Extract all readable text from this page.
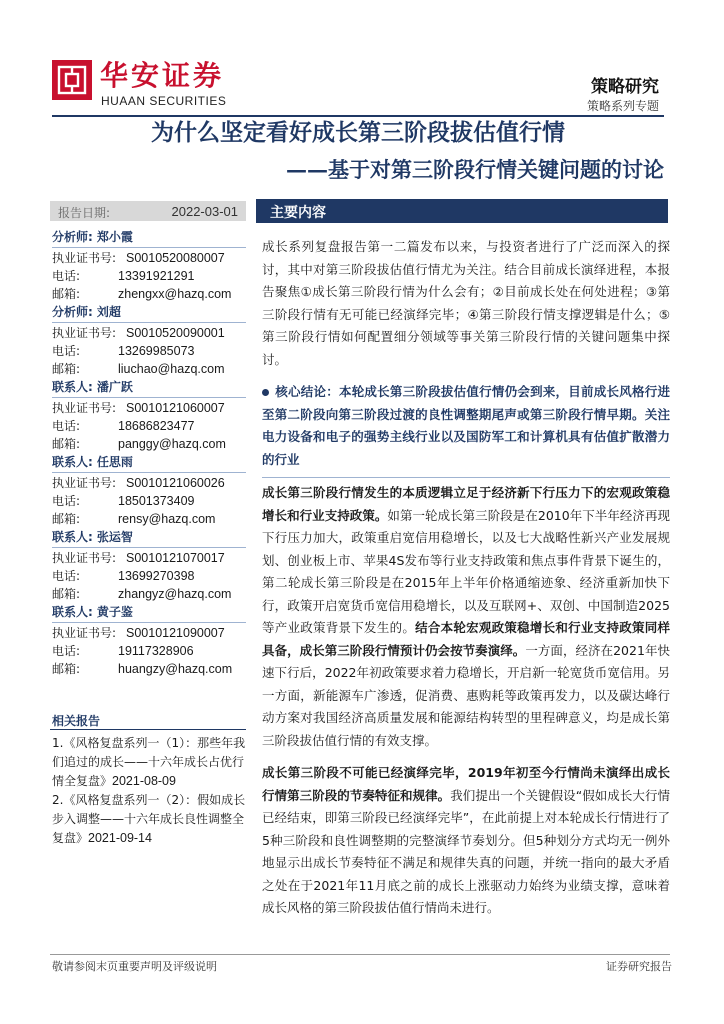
华安证券
HUAAN SECURITIES
策略研究
策略系列专题
为什么坚定看好成长第三阶段拔估值行情
——基于对第三阶段行情关键问题的讨论
报告日期:	2022-03-01
分析师: 郑小霞
执业证书号: S0010520080007
电话:	13391921291
邮箱:	zhengxx@hazq.com
分析师: 刘超
执业证书号: S0010520090001
电话:	13269985073
邮箱:	liuchao@hazq.com
联系人: 潘广跃
执业证书号: S0010121060007
电话:	18686823477
邮箱:	panggy@hazq.com
联系人: 任思雨
执业证书号: S0010121060026
电话:	18501373409
邮箱:	rensy@hazq.com
联系人: 张运智
执业证书号: S0010121070017
电话:	13699270398
邮箱:	zhangyz@hazq.com
联系人: 黄子鉴
执业证书号: S0010121090007
电话:	19117328906
邮箱:	huangzy@hazq.com
相关报告
1.《风格复盘系列一（1）：那些年我们追过的成长——十六年成长占优行情全复盘》2021-08-09
2.《风格复盘系列一（2）：假如成长步入调整——十六年成长良性调整全复盘》2021-09-14
主要内容

成长系列复盘报告第一二篇发布以来，与投资者进行了广泛而深入的探讨，其中对第三阶段拔估值行情尤为关注。结合目前成长演绎进程，本报告聚焦①成长第三阶段行情为什么会有；②目前成长处在何处进程；③第三阶段行情有无可能已经演绎完毕；④第三阶段行情支撑逻辑是什么；⑤第三阶段行情如何配置细分领域等事关第三阶段行情的关键问题集中探讨。

核心结论：本轮成长第三阶段拔估值行情仍会到来，目前成长风格行进至第二阶段向第三阶段过渡的良性调整期尾声或第三阶段行情早期。关注电力设备和电子的强势主线行业以及国防军工和计算机具有估值扩散潜力的行业

成长第三阶段行情发生的本质逻辑立足于经济新下行压力下的宏观政策稳增长和行业支持政策。如第一轮成长第三阶段是在2010年下半年经济再现下行压力加大，政策重启宽信用稳增长，以及七大战略性新兴产业发展规划、创业板上市、苹果4S发布等行业支持政策和焦点事件背景下诞生的，第二轮成长第三阶段是在2015年上半年价格通缩迹象、经济重新加快下行，政策开启宽货币宽信用稳增长，以及互联网+、双创、中国制造2025等产业政策背景下发生的。结合本轮宏观政策稳增长和行业支持政策同样具备，成长第三阶段行情预计仍会按节奏演绎。一方面，经济在2021年快速下行后，2022年初政策要求着力稳增长，开启新一轮宽货币宽信用。另一方面，新能源车广渗透，促消费、惠购耗等政策再发力，以及碳达峰行动方案对我国经济高质量发展和能源结构转型的里程碑意义，均是成长第三阶段拔估值行情的有效支撑。

成长第三阶段不可能已经演绎完毕，2019年初至今行情尚未演绎出成长行情第三阶段的节奏特征和规律。我们提出一个关键假设“假如成长大行情已经结束，即第三阶段已经演绎完毕”，在此前提上对本轮成长行情进行了5种三阶段和良性调整期的完整演绎节奏划分。但5种划分方式均无一例外地显示出成长节奏特征不满足和规律失真的问题，并统一指向的最大矛盾之处在于2021年11月底之前的成长上涨驱动力始终为业绩支撑，意味着成长风格的第三阶段拔估值行情尚未进行。

敬请参阅末页重要声明及评级说明	证券研究报告
